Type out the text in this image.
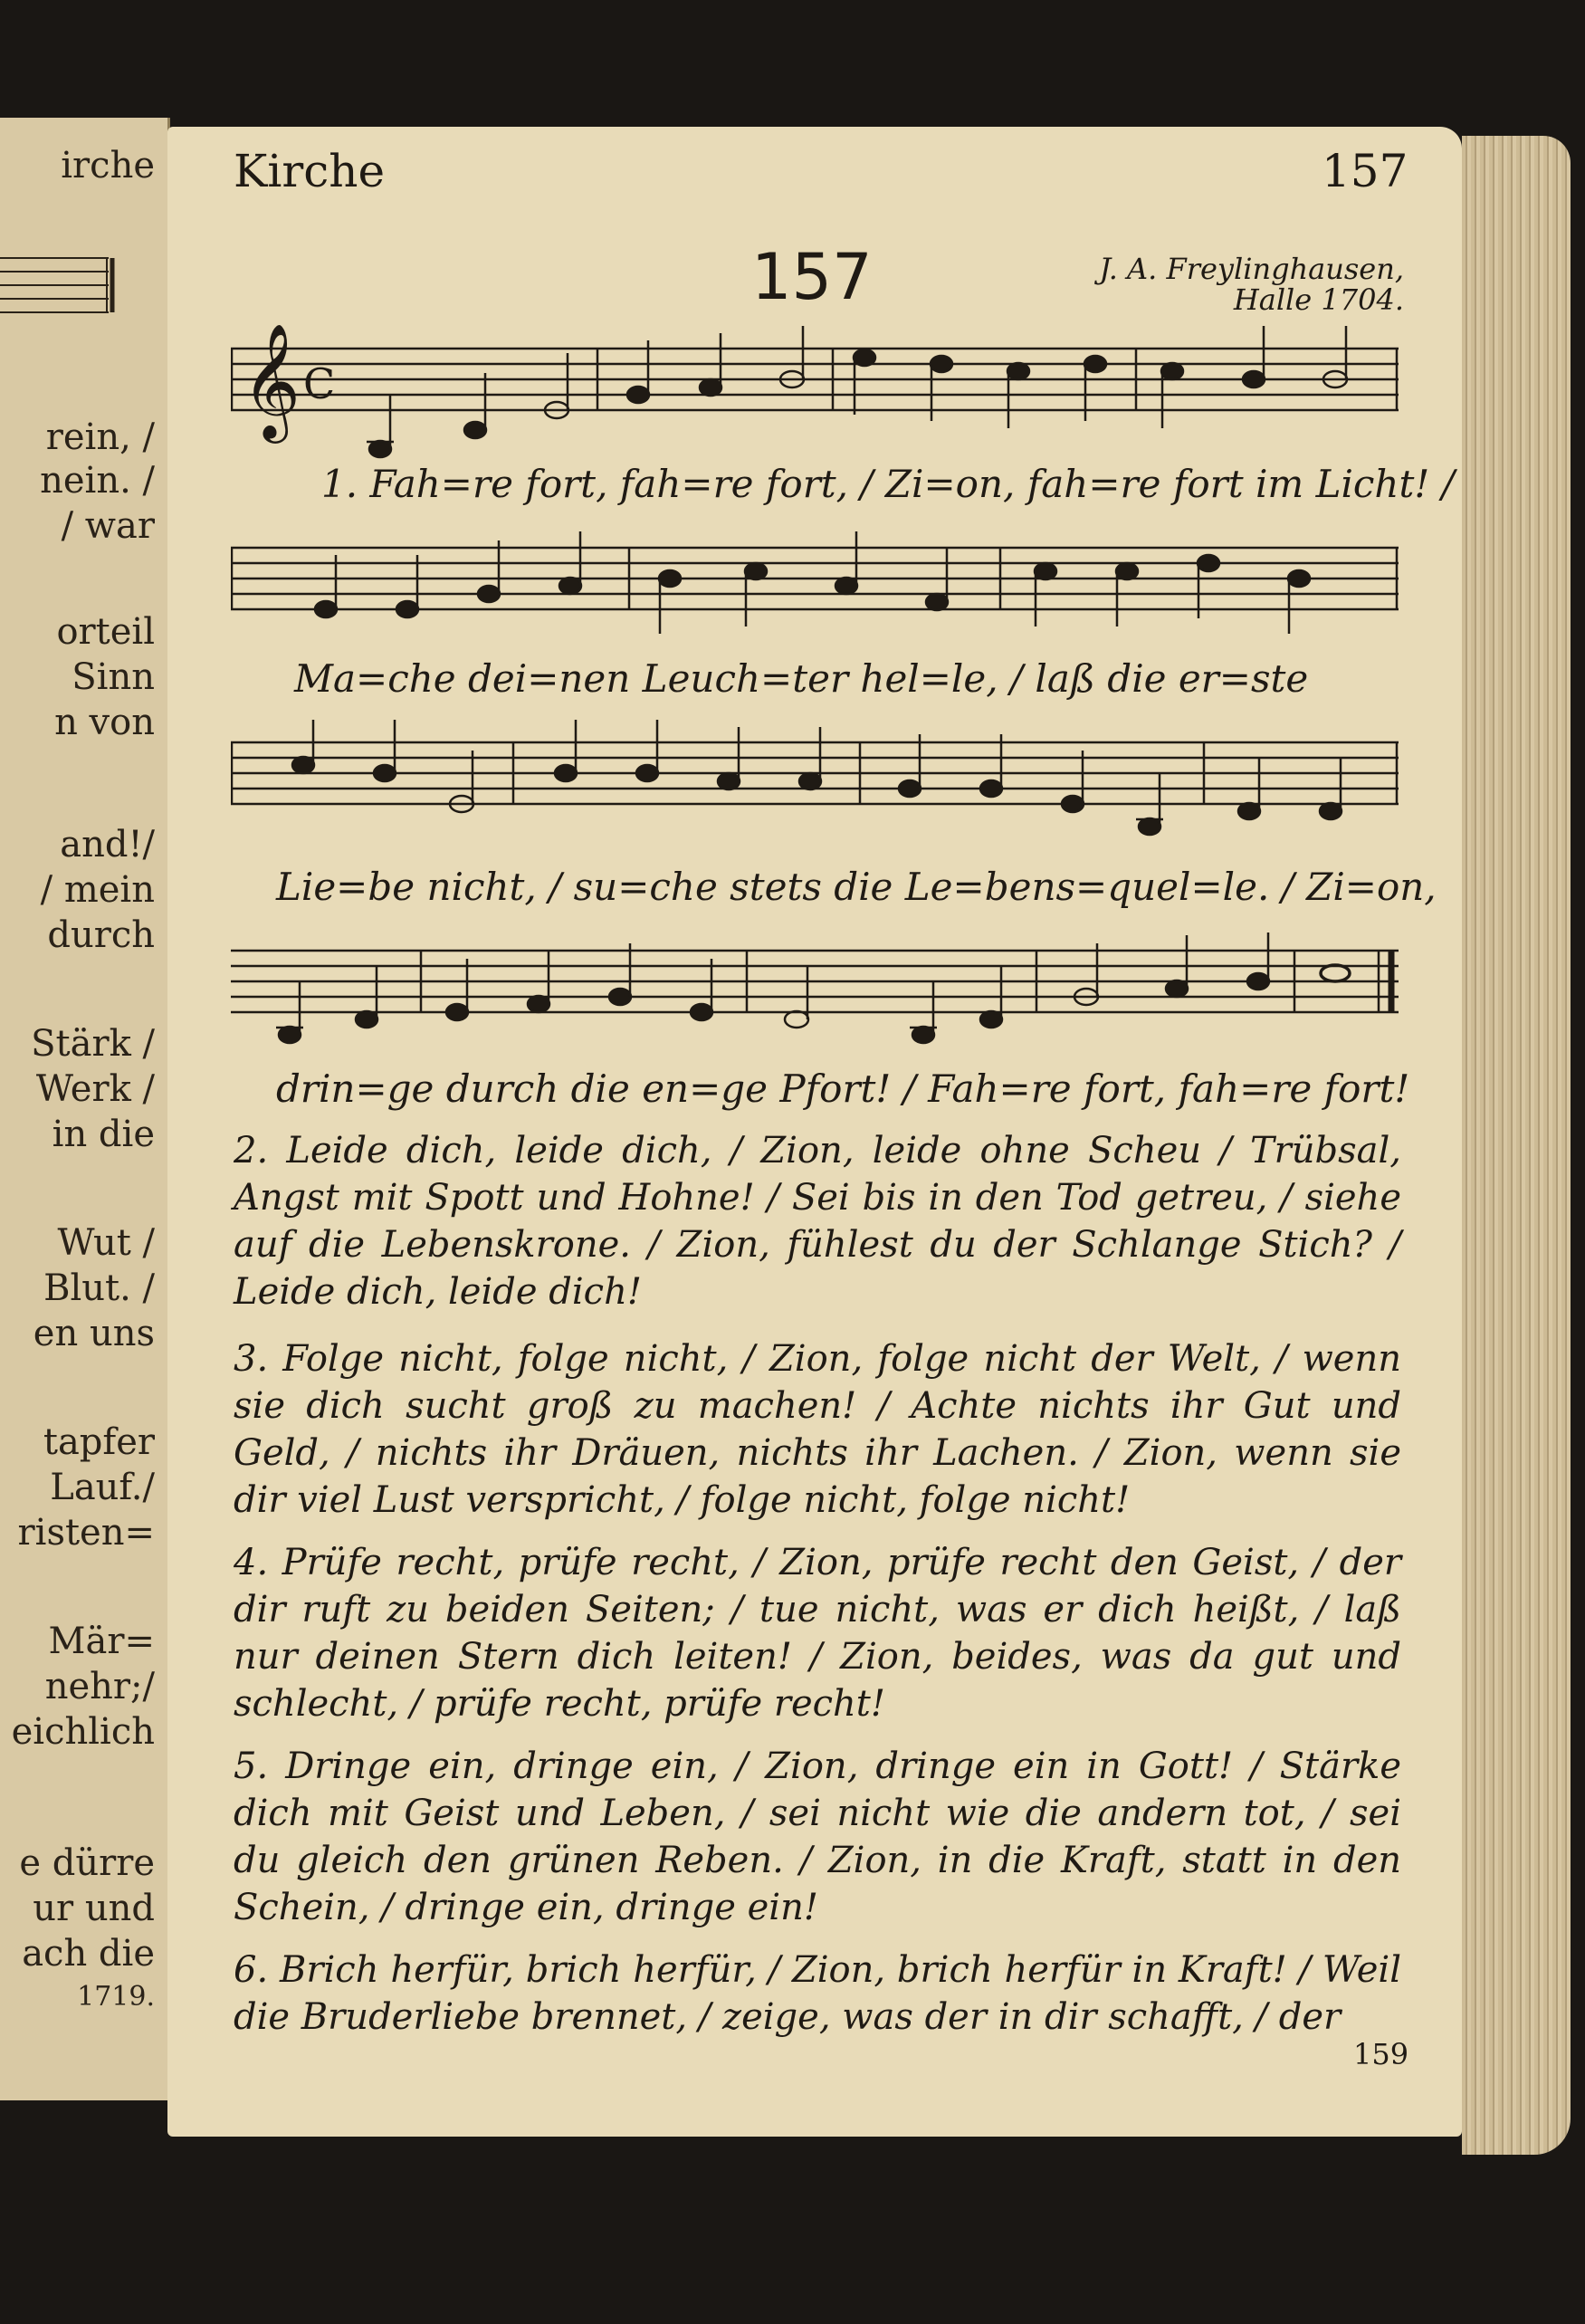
irche
rein, /
nein. /
/ war
orteil
Sinn
n von
and!/
/ mein
durch
Stärk /
Werk /
in die
Wut /
Blut. /
en uns
tapfer
Lauf./
risten=
Mär=
nehr;/
eichlich
e dürre
ur und
ach die
1719.
Kirche	157
157	J. A. Freylinghausen,
Halle 1704.
𝄞 C
1. Fah=re fort, fah=re fort, / Zi=on, fah=re fort im Licht! /
Ma=che dei=nen Leuch=ter hel=le, / laß die er=ste
Lie=be nicht, / su=che stets die Le=bens=quel=le. / Zi=on,
drin=ge durch die en=ge Pfort! / Fah=re fort, fah=re fort!
2. Leide dich, leide dich, / Zion, leide ohne Scheu / Trübsal, Angst mit Spott und Hohne! / Sei bis in den Tod getreu, / siehe auf die Lebenskrone. / Zion, fühlest du der Schlange Stich? / Leide dich, leide dich!
3. Folge nicht, folge nicht, / Zion, folge nicht der Welt, / wenn sie dich sucht groß zu machen! / Achte nichts ihr Gut und Geld, / nichts ihr Dräuen, nichts ihr Lachen. / Zion, wenn sie dir viel Lust verspricht, / folge nicht, folge nicht!
4. Prüfe recht, prüfe recht, / Zion, prüfe recht den Geist, / der dir ruft zu beiden Seiten; / tue nicht, was er dich heißt, / laß nur deinen Stern dich leiten! / Zion, beides, was da gut und schlecht, / prüfe recht, prüfe recht!
5. Dringe ein, dringe ein, / Zion, dringe ein in Gott! / Stärke dich mit Geist und Leben, / sei nicht wie die andern tot, / sei du gleich den grünen Reben. / Zion, in die Kraft, statt in den Schein, / dringe ein, dringe ein!
6. Brich herfür, brich herfür, / Zion, brich herfür in Kraft! / Weil die Bruderliebe brennet, / zeige, was der in dir schafft, / der
159
